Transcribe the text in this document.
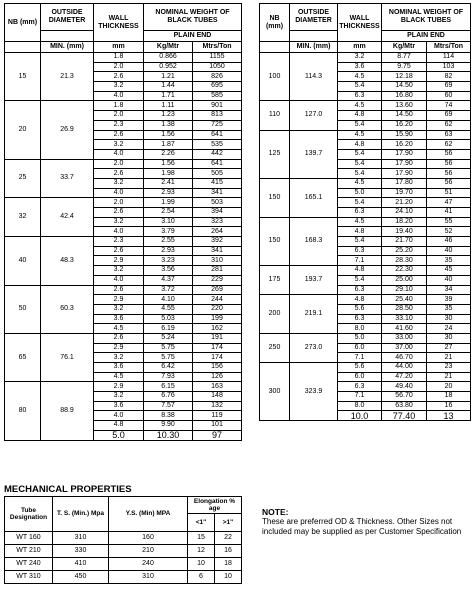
NB (mm)	OUTSIDE DIAMETER	WALL THICKNESS	NOMINAL WEIGHT OF BLACK TUBES	
			PLAIN END	
	MIN. (mm)	mm	Kg/Mtr	Mtrs/Ton
15	21.3	1.8	0.866	1155
		2.0	0.952	1050
		2.6	1.21	826
		3.2	1.44	695
		4.0	1.71	585
20	26.9	1.8	1.11	901
		2.0	1.23	813
		2.3	1.38	725
		2.6	1.56	641
		3.2	1.87	535
		4.0	2.26	442
25	33.7	2.0	1.56	641
		2.6	1.98	505
		3.2	2.41	415
		4.0	2.93	341
32	42.4	2.0	1.99	503
		2.6	2.54	394
		3.2	3.10	323
		4.0	3.79	264
40	48.3	2.3	2.55	392
		2.6	2.93	341
		2.9	3.23	310
		3.2	3.56	281
		4.0	4.37	229
50	60.3	2.6	3.72	269
		2.9	4.10	244
		3.2	4.55	220
		3.6	5.03	199
		4.5	6.19	162
65	76.1	2.6	5.24	191
		2.9	5.75	174
		3.2	5.75	174
		3.6	6.42	156
		4.5	7.93	126
80	88.9	2.9	6.15	163
		3.2	6.76	148
		3.6	7.57	132
		4.0	8.38	119
		4.8	9.90	101
		5.0	10.30	97
NB (mm)	OUTSIDE DIAMETER	WALL THICKNESS	NOMINAL WEIGHT OF BLACK TUBES	
			PLAIN END	
	MIN. (mm)	mm	Kg/Mtr	Mtrs/Ton
100	114.3	3.2	8.77	114
		3.6	9.75	103
		4.5	12.18	82
		5.4	14.50	69
		6.3	16.80	60
110	127.0	4.5	13.60	74
		4.8	14.50	69
		5.4	16.20	62
125	139.7	4.5	15.90	63
		4.8	16.20	62
		5.4	17.90	56
		5.4	17.90	56
		5.4	17.90	56
150	165.1	4.5	17.80	56
		5.0	19.70	51
		5.4	21.20	47
		6.3	24.10	41
150	168.3	4.5	18.20	55
		4.8	19.40	52
		5.4	21.70	46
		6.3	25.20	40
		7.1	28.30	35
175	193.7	4.8	22.30	45
		5.4	25.00	40
		6.3	29.10	34
200	219.1	4.8	25.40	39
		5.6	28.50	35
		6.3	33.10	30
		8.0	41.60	24
250	273.0	5.0	33.00	30
		6.0	37.00	27
		7.1	46.70	21
300	323.9	5.6	44.00	23
		6.0	47.20	21
		6.3	49.40	20
		7.1	56.70	18
		8.0	63.80	16
		10.0	77.40	13
MECHANICAL PROPERTIES
Tube Designation	T. S. (Min.) Mpa	Y.S. (Min) MPA	Elongation % age	
			<1"	>1"
WT 160	310	160	15	22
WT 210	330	210	12	16
WT 240	410	240	10	18
WT 310	450	310	6	10
NOTE:
These are preferred OD & Thickness. Other Sizes not included may be supplied as per Customer Specification
